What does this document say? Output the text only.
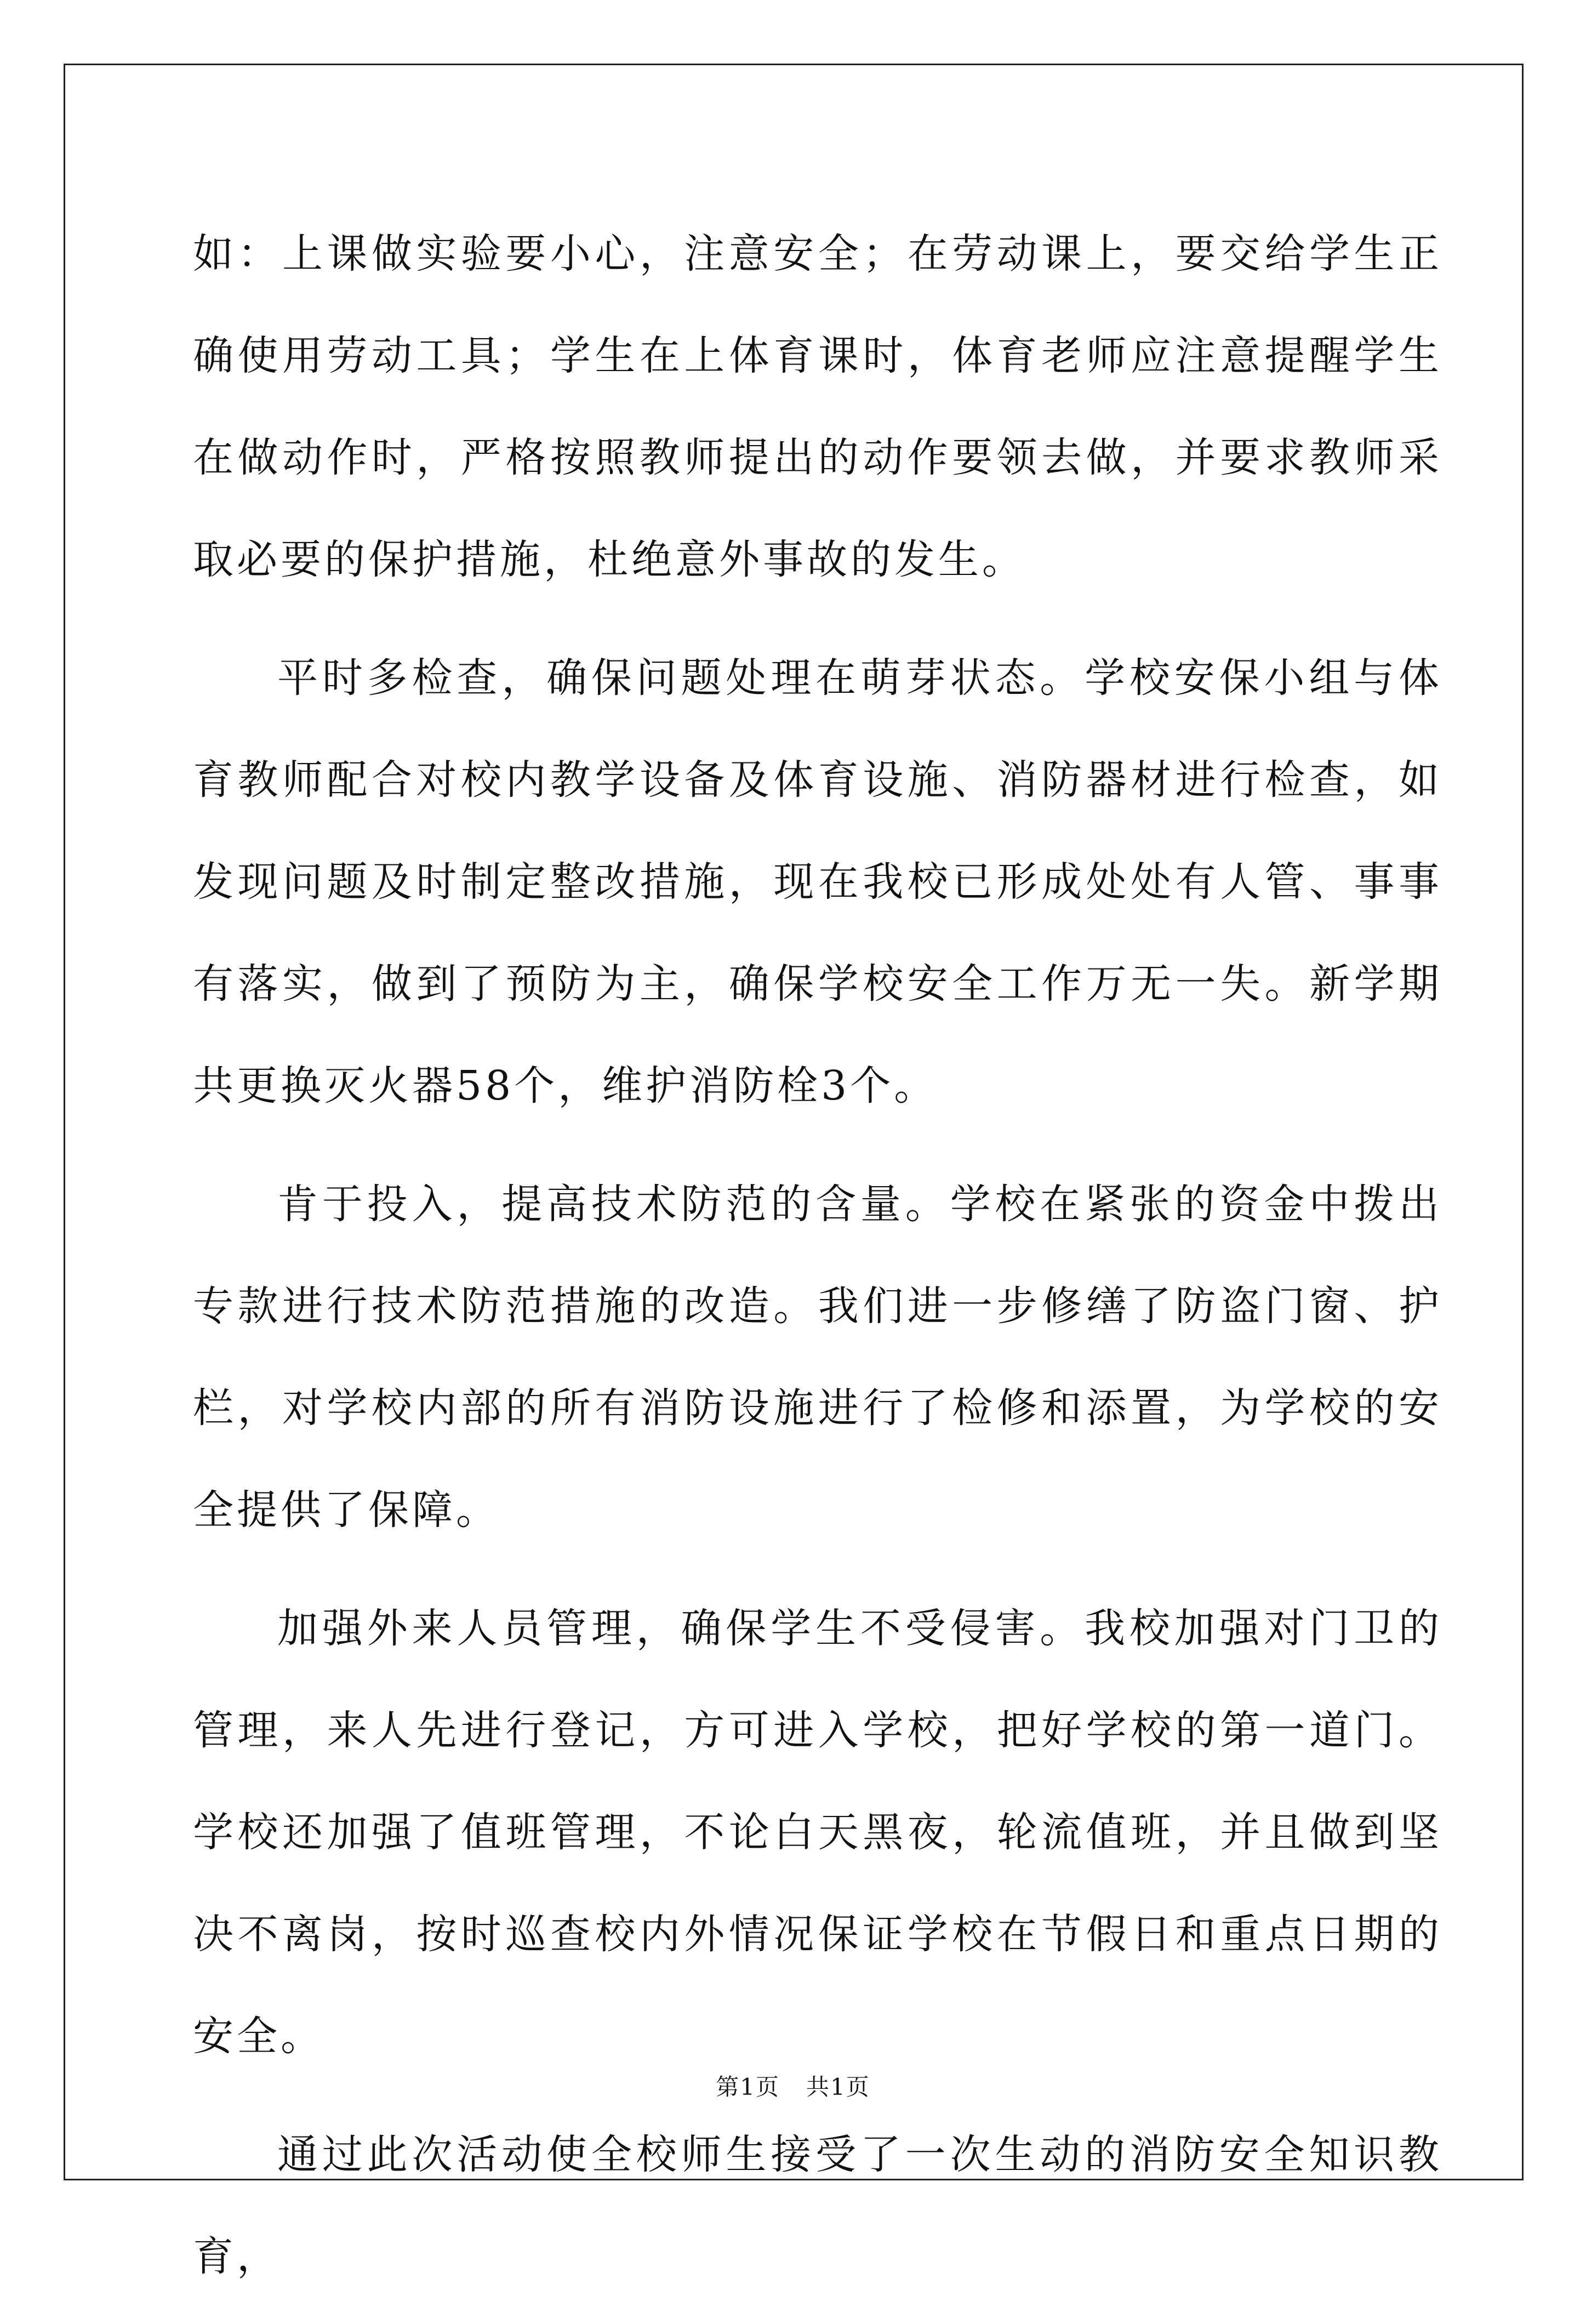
如：上课做实验要小心，注意安全；在劳动课上，要交给学生正确使用劳动工具；学生在上体育课时，体育老师应注意提醒学生在做动作时，严格按照教师提出的动作要领去做，并要求教师采取必要的保护措施，杜绝意外事故的发生。

平时多检查，确保问题处理在萌芽状态。学校安保小组与体育教师配合对校内教学设备及体育设施、消防器材进行检查，如发现问题及时制定整改措施，现在我校已形成处处有人管、事事有落实，做到了预防为主，确保学校安全工作万无一失。新学期共更换灭火器58个，维护消防栓3个。

肯于投入，提高技术防范的含量。学校在紧张的资金中拨出专款进行技术防范措施的改造。我们进一步修缮了防盗门窗、护栏，对学校内部的所有消防设施进行了检修和添置，为学校的安全提供了保障。

加强外来人员管理，确保学生不受侵害。我校加强对门卫的管理，来人先进行登记，方可进入学校，把好学校的第一道门。学校还加强了值班管理，不论白天黑夜，轮流值班，并且做到坚决不离岗，按时巡查校内外情况保证学校在节假日和重点日期的安全。

通过此次活动使全校师生接受了一次生动的消防安全知识教育，

第1页 共1页
